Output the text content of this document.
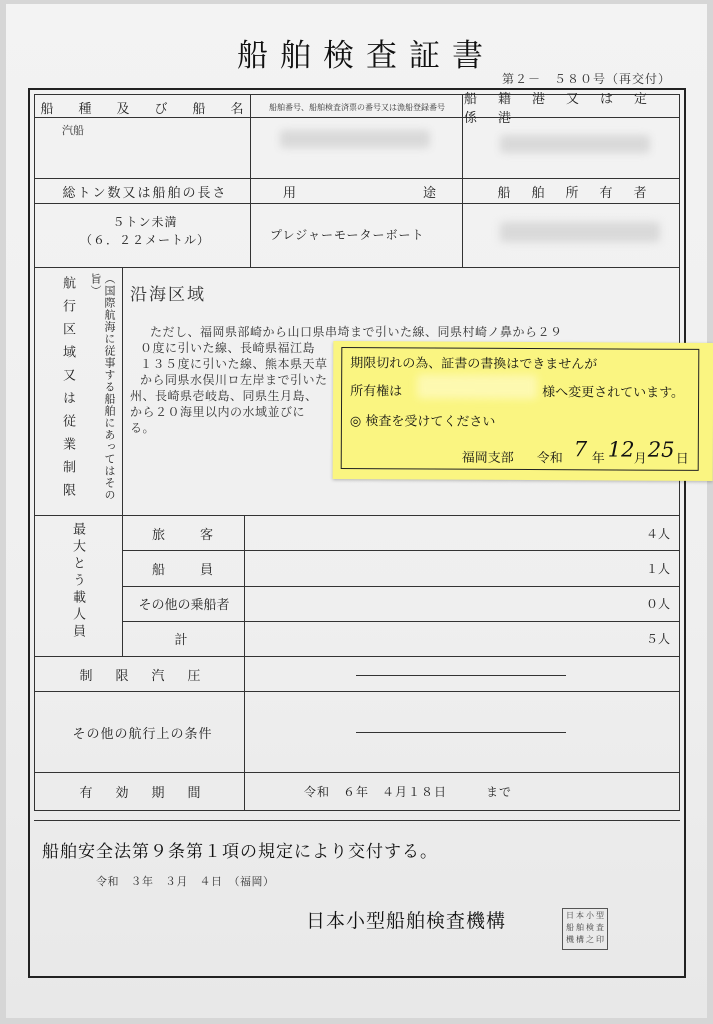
船舶検査証書
第２－　５８０号（再交付）
船　種　及　び　船　名	船舶番号、船舶検査済票の番号又は漁船登録番号	船　籍　港　又　は　定　係　港
汽船
総トン数又は船舶の長さ	用　　　　　　　　　途	船　舶　所　有　者
５トン未満
（６．２２メートル）	プレジャーモーターボート
航行区域又は従業制限	（国際航海に従事する船舶にあってはその旨）	沿海区域
ただし、福岡県部崎から山口県串埼まで引いた線、同県村崎ノ鼻から２９
０度に引いた線、長崎県福江島
１３５度に引いた線、熊本県天草
から同県水俣川ロ左岸まで引いた
州、長崎県壱岐島、同県生月島、
から２０海里以内の水域並びに
る。
最大とう載人員	旅　　客	４人
船　　員	１人
その他の乗船者	０人
計	５人
制　限　汽　圧
その他の航行上の条件
有　効　期　間	令和　６年　４月１８日　　　まで
船舶安全法第９条第１項の規定により交付する。
令和　３年　３月　４日　（福岡）
日本小型船舶検査機構	日 本 小 型
船 舶 検 査
機 構 之 印
期限切れの為、証書の書換はできませんが
所有権は	様へ変更されています。
◎ 検査を受けてください
福岡支部 令和 7 年 12 月 25 日
